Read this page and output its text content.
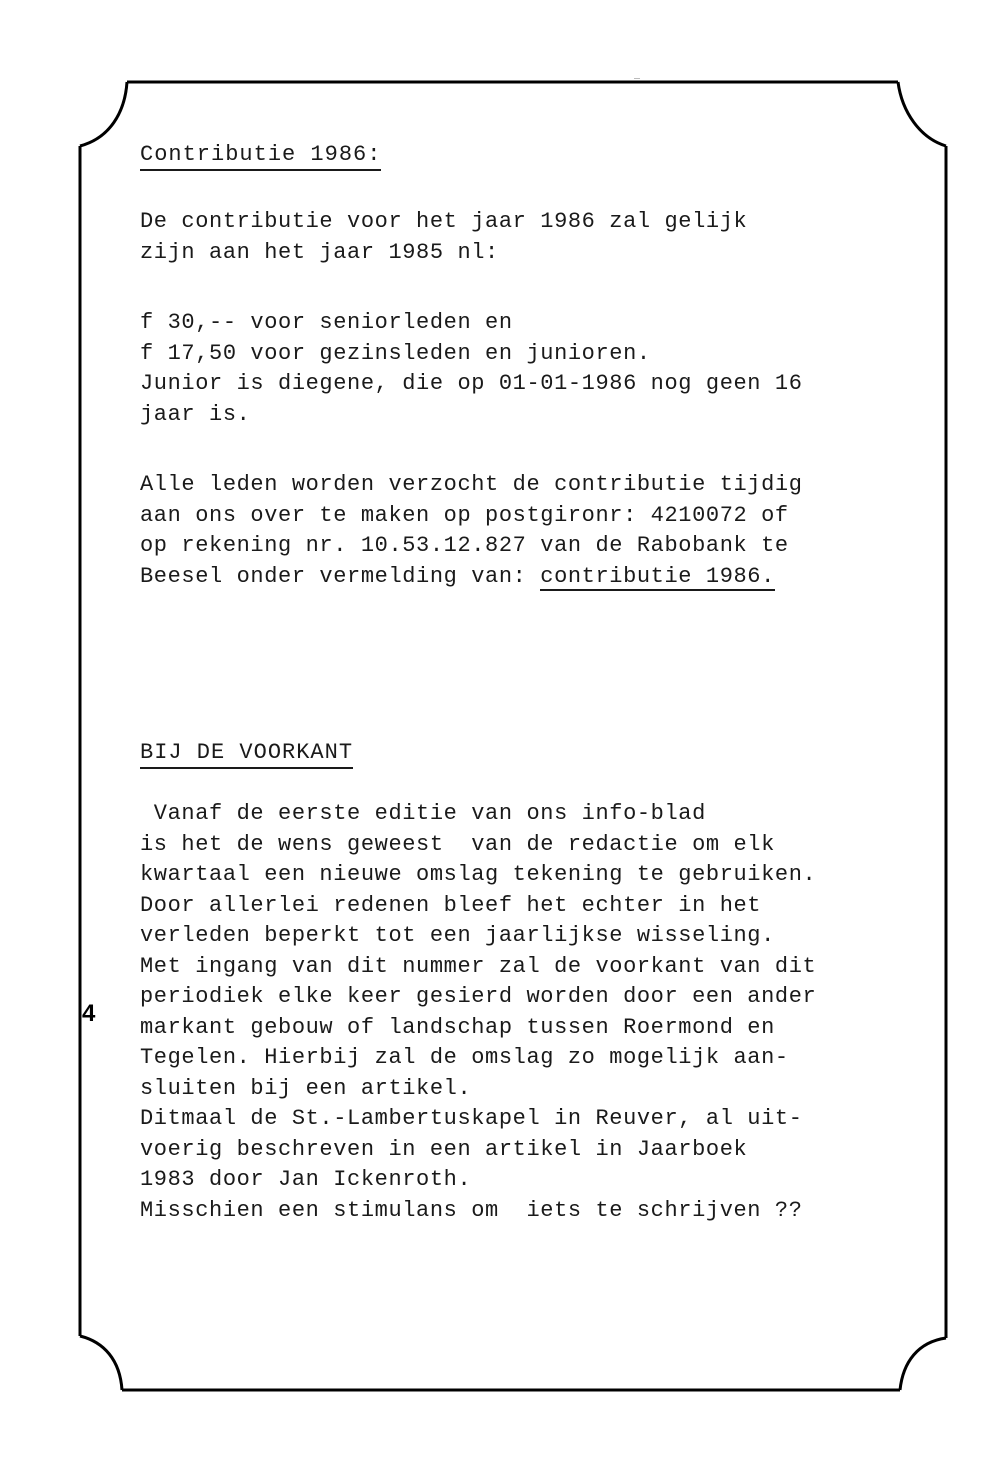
Contributie 1986:

De contributie voor het jaar 1986 zal gelijk

zijn aan het jaar 1985 nl:

f 30,-- voor seniorleden en

f 17,50 voor gezinsleden en junioren.

Junior is diegene, die op 01-01-1986 nog geen 16

jaar is.

Alle leden worden verzocht de contributie tijdig

aan ons over te maken op postgironr: 4210072 of

op rekening nr. 10.53.12.827 van de Rabobank te

Beesel onder vermelding van: contributie 1986.

BIJ DE VOORKANT

Vanaf de eerste editie van ons info-blad

is het de wens geweest  van de redactie om elk

kwartaal een nieuwe omslag tekening te gebruiken.

Door allerlei redenen bleef het echter in het

verleden beperkt tot een jaarlijkse wisseling.

Met ingang van dit nummer zal de voorkant van dit

periodiek elke keer gesierd worden door een ander

markant gebouw of landschap tussen Roermond en

Tegelen. Hierbij zal de omslag zo mogelijk aan-

sluiten bij een artikel.

Ditmaal de St.-Lambertuskapel in Reuver, al uit-

voerig beschreven in een artikel in Jaarboek

1983 door Jan Ickenroth.

Misschien een stimulans om  iets te schrijven ??

4
